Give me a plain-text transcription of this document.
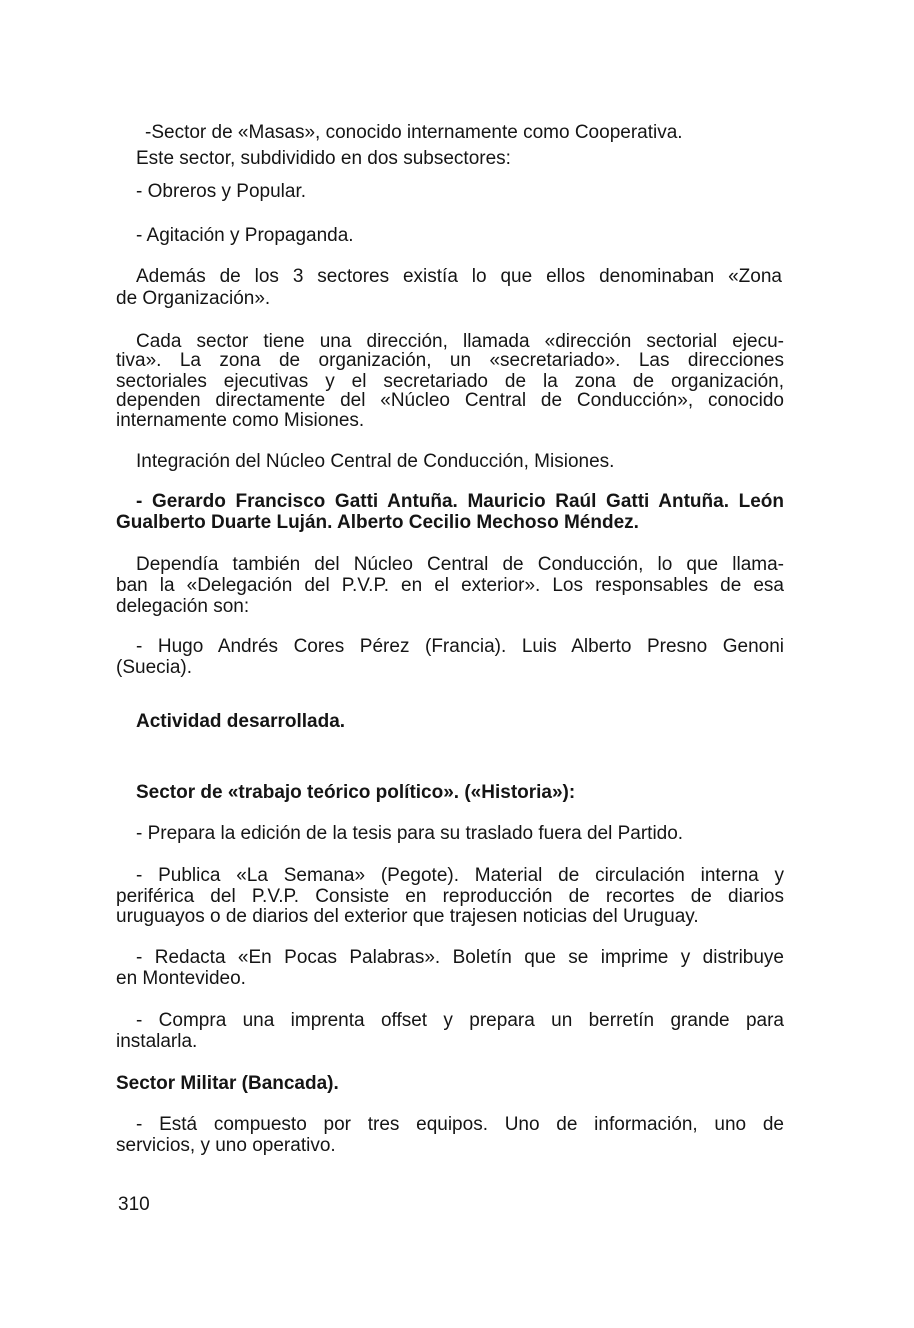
-Sector de «Masas», conocido internamente como Cooperativa.

Este sector, subdividido en dos subsectores:

- Obreros y Popular.

- Agitación y Propaganda.

Además de los 3 sectores existía lo que ellos denominaban «Zona

de Organización».

Cada sector tiene una dirección, llamada «dirección sectorial ejecu-

tiva». La zona de organización, un «secretariado». Las direcciones

sectoriales ejecutivas y el secretariado de la zona de organización,

dependen directamente del «Núcleo Central de Conducción», conocido

internamente como Misiones.

Integración del Núcleo Central de Conducción, Misiones.

- Gerardo Francisco Gatti Antuña. Mauricio Raúl Gatti Antuña. León

Gualberto Duarte Luján. Alberto Cecilio Mechoso Méndez.

Dependía también del Núcleo Central de Conducción, lo que llama-

ban la «Delegación del P.V.P. en el exterior». Los responsables de esa

delegación son:

- Hugo Andrés Cores Pérez (Francia). Luis Alberto Presno Genoni

(Suecia).

Actividad desarrollada.

Sector de «trabajo teórico político». («Historia»):

- Prepara la edición de la tesis para su traslado fuera del Partido.

- Publica «La Semana» (Pegote). Material de circulación interna y

periférica del P.V.P. Consiste en reproducción de recortes de diarios

uruguayos o de diarios del exterior que trajesen noticias del Uruguay.

- Redacta «En Pocas Palabras». Boletín que se imprime y distribuye

en Montevideo.

- Compra una imprenta offset y prepara un berretín grande para

instalarla.

Sector Militar (Bancada).

- Está compuesto por tres equipos. Uno de información, uno de

servicios, y uno operativo.

310
